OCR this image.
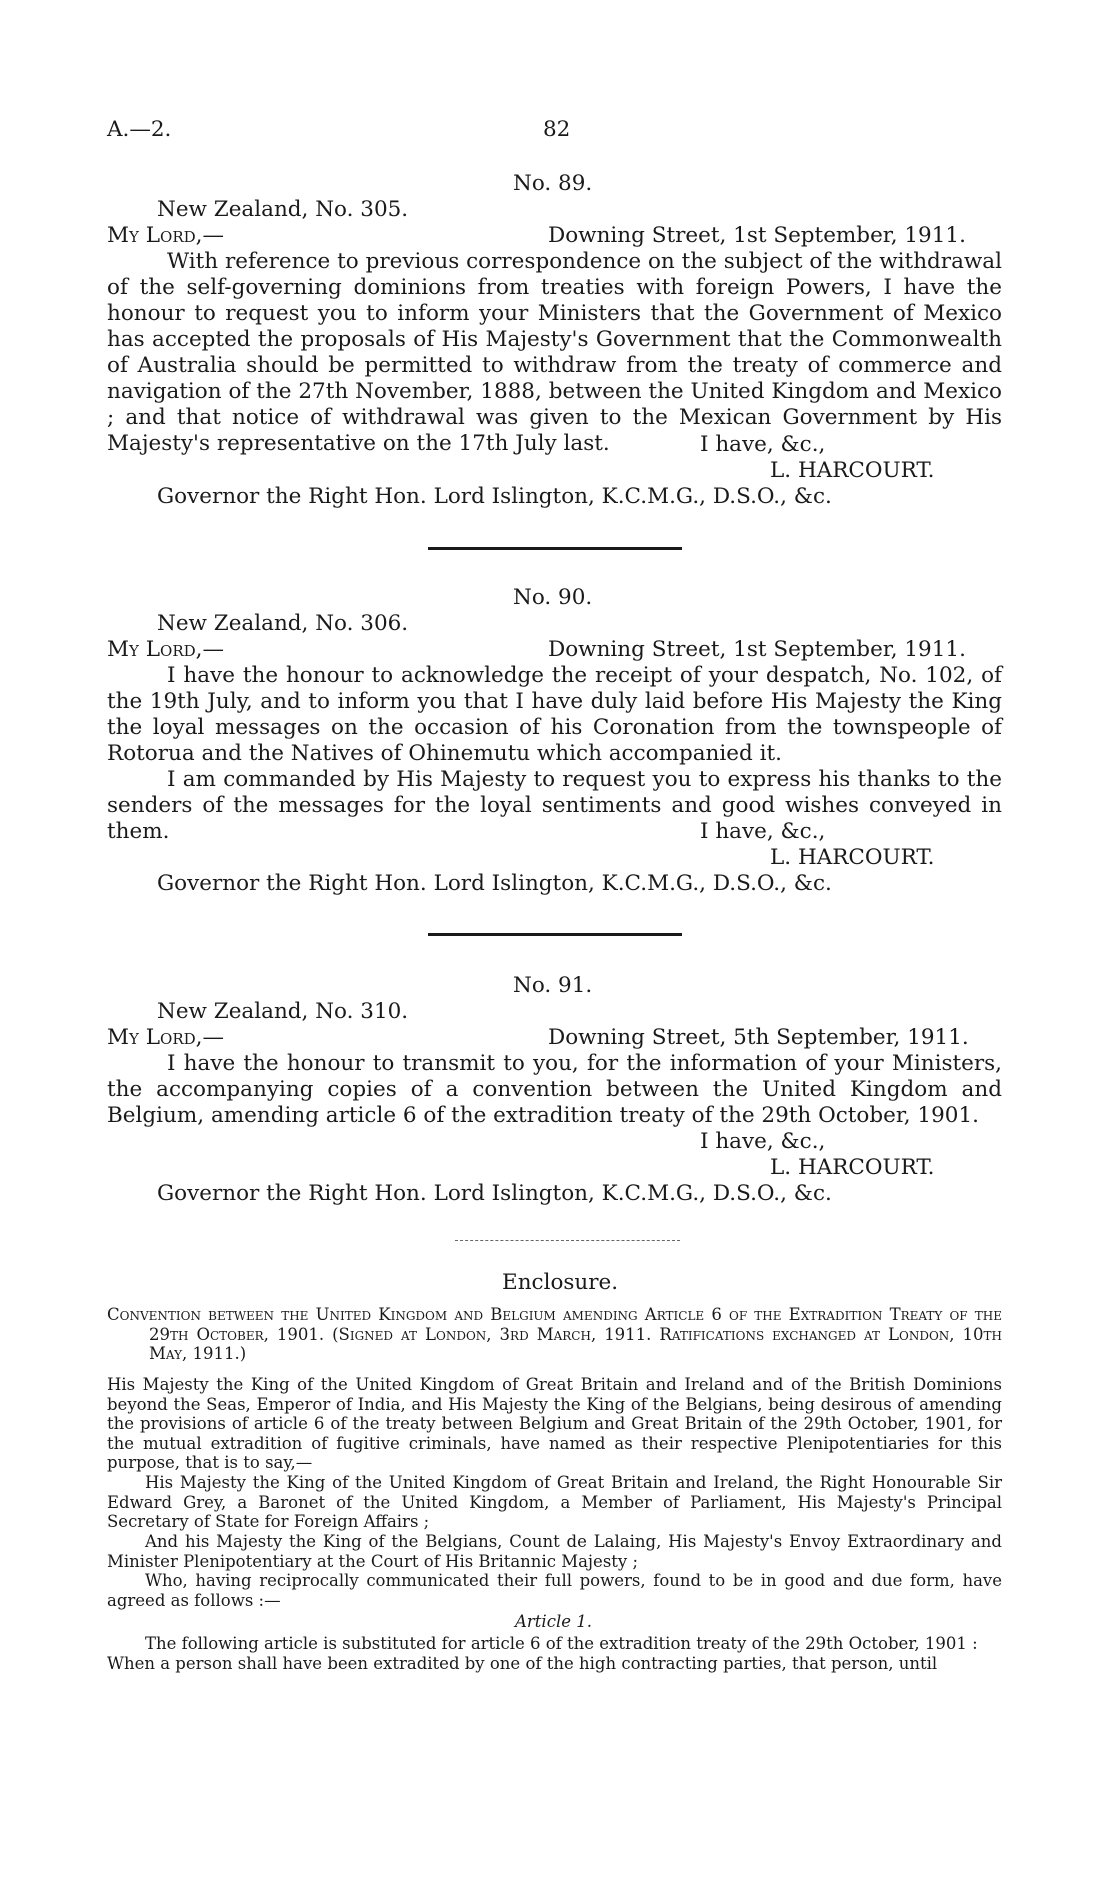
A.—2.	82
No. 89.
New Zealand, No. 305.
My Lord,—	Downing Street, 1st September, 1911.
With reference to previous correspondence on the subject of the withdrawal of the self-governing dominions from treaties with foreign Powers, I have the honour to request you to inform your Ministers that the Government of Mexico has accepted the proposals of His Majesty's Government that the Commonwealth of Australia should be permitted to withdraw from the treaty of commerce and navigation of the 27th November, 1888, between the United Kingdom and Mexico ; and that notice of withdrawal was given to the Mexican Government by His Majesty's representative on the 17th July last.	I have, &c.,
L. HARCOURT.
Governor the Right Hon. Lord Islington, K.C.M.G., D.S.O., &c.
No. 90.
New Zealand, No. 306.
My Lord,—	Downing Street, 1st September, 1911.
I have the honour to acknowledge the receipt of your despatch, No. 102, of the 19th July, and to inform you that I have duly laid before His Majesty the King the loyal messages on the occasion of his Coronation from the townspeople of Rotorua and the Natives of Ohinemutu which accompanied it.
I am commanded by His Majesty to request you to express his thanks to the senders of the messages for the loyal sentiments and good wishes conveyed in them.	I have, &c.,
L. HARCOURT.
Governor the Right Hon. Lord Islington, K.C.M.G., D.S.O., &c.
No. 91.
New Zealand, No. 310.
My Lord,—	Downing Street, 5th September, 1911.
I have the honour to transmit to you, for the information of your Ministers, the accompanying copies of a convention between the United Kingdom and Belgium, amending article 6 of the extradition treaty of the 29th October, 1901.
I have, &c.,
L. HARCOURT.
Governor the Right Hon. Lord Islington, K.C.M.G., D.S.O., &c.
Enclosure.
Convention between the United Kingdom and Belgium amending Article 6 of the Extradition Treaty of the 29th October, 1901. (Signed at London, 3rd March, 1911. Ratifications exchanged at London, 10th May, 1911.)
His Majesty the King of the United Kingdom of Great Britain and Ireland and of the British Dominions beyond the Seas, Emperor of India, and His Majesty the King of the Belgians, being desirous of amending the provisions of article 6 of the treaty between Belgium and Great Britain of the 29th October, 1901, for the mutual extradition of fugitive criminals, have named as their respective Plenipotentiaries for this purpose, that is to say,—
His Majesty the King of the United Kingdom of Great Britain and Ireland, the Right Honourable Sir Edward Grey, a Baronet of the United Kingdom, a Member of Parliament, His Majesty's Principal Secretary of State for Foreign Affairs ;
And his Majesty the King of the Belgians, Count de Lalaing, His Majesty's Envoy Extraordinary and Minister Plenipotentiary at the Court of His Britannic Majesty ;
Who, having reciprocally communicated their full powers, found to be in good and due form, have agreed as follows :—
Article 1.
The following article is substituted for article 6 of the extradition treaty of the 29th October, 1901 :
When a person shall have been extradited by one of the high contracting parties, that person, until
